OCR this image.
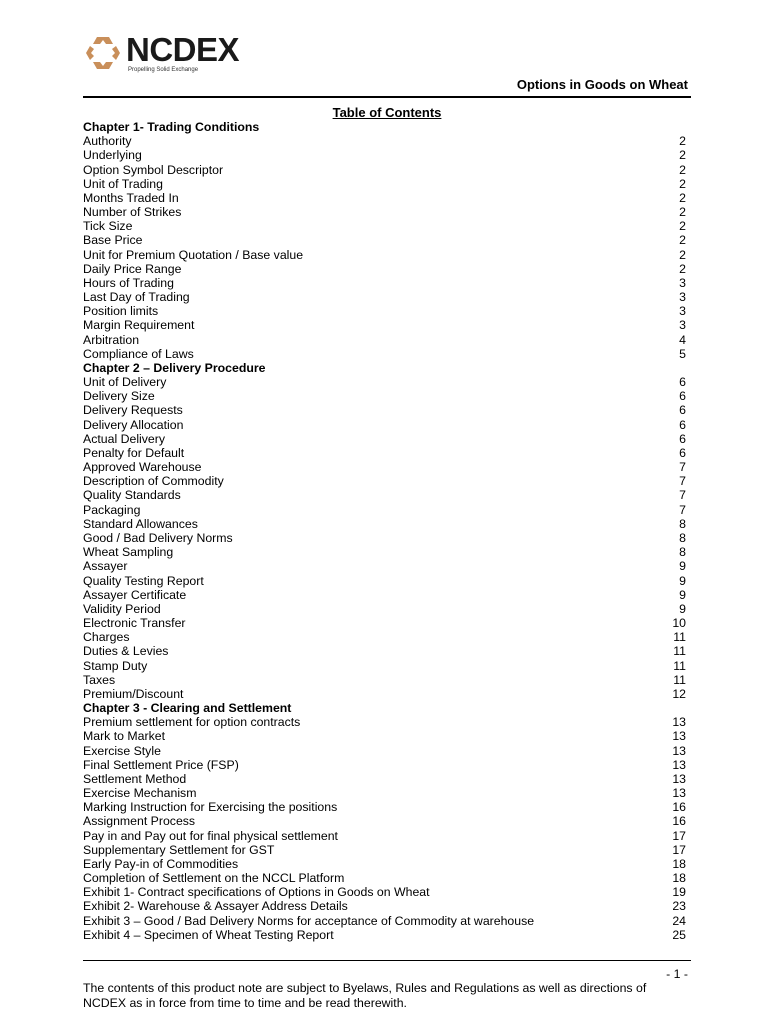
NCDEX
Propelling Solid Exchange
Options in Goods on Wheat
Table of Contents
Chapter 1- Trading Conditions
Authority	2
Underlying	2
Option Symbol Descriptor	2
Unit of Trading	2
Months Traded In	2
Number of Strikes	2
Tick Size	2
Base Price	2
Unit for Premium Quotation / Base value	2
Daily Price Range	2
Hours of Trading	3
Last Day of Trading	3
Position limits	3
Margin Requirement	3
Arbitration	4
Compliance of Laws	5
Chapter 2 – Delivery Procedure
Unit of Delivery	6
Delivery Size	6
Delivery Requests	6
Delivery Allocation	6
Actual Delivery	6
Penalty for Default	6
Approved Warehouse	7
Description of Commodity	7
Quality Standards	7
Packaging	7
Standard Allowances	8
Good / Bad Delivery Norms	8
Wheat Sampling	8
Assayer	9
Quality Testing Report	9
Assayer Certificate	9
Validity Period	9
Electronic Transfer	10
Charges	11
Duties & Levies	11
Stamp Duty	11
Taxes	11
Premium/Discount	12
Chapter 3 - Clearing and Settlement
Premium settlement for option contracts	13
Mark to Market	13
Exercise Style	13
Final Settlement Price (FSP)	13
Settlement Method	13
Exercise Mechanism	13
Marking Instruction for Exercising the positions	16
Assignment Process	16
Pay in and Pay out for final physical settlement	17
Supplementary Settlement for GST	17
Early Pay-in of Commodities	18
Completion of Settlement on the NCCL Platform	18
Exhibit 1- Contract specifications of Options in Goods on Wheat	19
Exhibit 2- Warehouse & Assayer Address Details	23
Exhibit 3 – Good / Bad Delivery Norms for acceptance of Commodity at warehouse	24
Exhibit 4 – Specimen of Wheat Testing Report	25
- 1 -
The contents of this product note are subject to Byelaws, Rules and Regulations as well as directions of NCDEX as in force from time to time and be read therewith.
